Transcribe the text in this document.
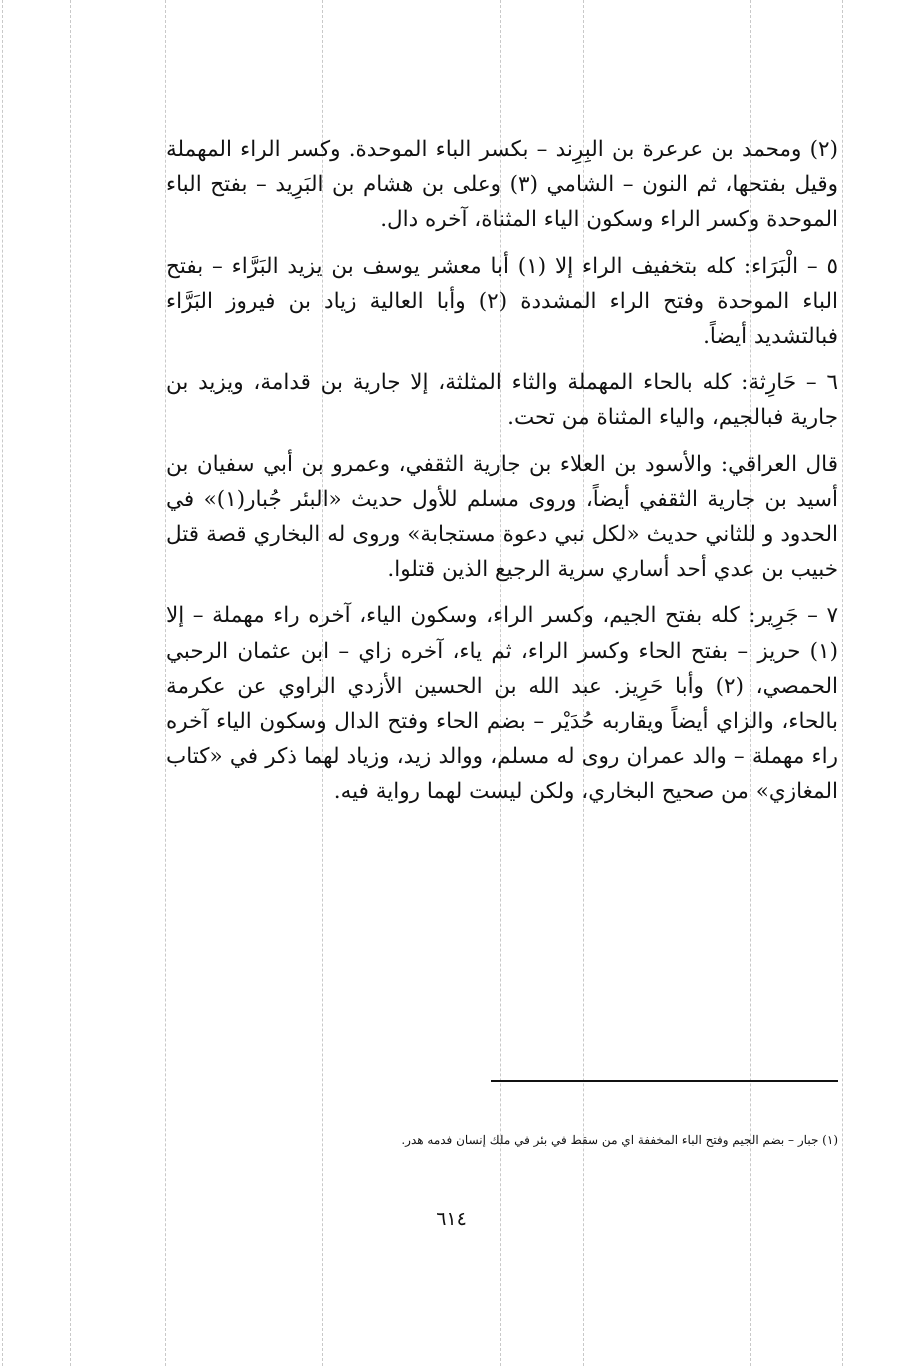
(٢) ومحمد بن عرعرة بن البِرِند – بكسر الباء الموحدة. وكسر الراء المهملة وقيل بفتحها، ثم النون – الشامي (٣) وعلى بن هشام بن البَرِيد – بفتح الباء الموحدة وكسر الراء وسكون الياء المثناة، آخره دال.

٥ – الْبَرَاء: كله بتخفيف الراء إلا (١) أبا معشر يوسف بن يزيد البَرَّاء – بفتح الباء الموحدة وفتح الراء المشددة (٢) وأبا العالية زياد بن فيروز البَرَّاء فبالتشديد أيضاً.

٦ – حَارِثة: كله بالحاء المهملة والثاء المثلثة، إلا جارية بن قدامة، ويزيد بن جارية فبالجيم، والياء المثناة من تحت.

قال العراقي: والأسود بن العلاء بن جارية الثقفي، وعمرو بن أبي سفيان بن أسيد بن جارية الثقفي أيضاً، وروى مسلم للأول حديث «البئر جُبار(١)» في الحدود و للثاني حديث «لكل نبي دعوة مستجابة» وروى له البخاري قصة قتل خبيب بن عدي أحد أساري سرية الرجيع الذين قتلوا.

٧ – جَرِير: كله بفتح الجيم، وكسر الراء، وسكون الياء، آخره راء مهملة – إلا (١) حريز – بفتح الحاء وكسر الراء، ثم ياء، آخره زاي – ابن عثمان الرحبي الحمصي، (٢) وأبا حَرِيز. عبد الله بن الحسين الأزدي الراوي عن عكرمة بالحاء، والزاي أيضاً ويقاربه حُدَيْر – بضم الحاء وفتح الدال وسكون الياء آخره راء مهملة – والد عمران روى له مسلم، ووالد زيد، وزياد لهما ذكر في «كتاب المغازي» من صحيح البخاري، ولكن ليست لهما رواية فيه.

(١) جبار – بضم الجيم وفتح الباء المخففة اي من سقط في بئر في ملك إنسان فدمه هدر.

٦١٤
